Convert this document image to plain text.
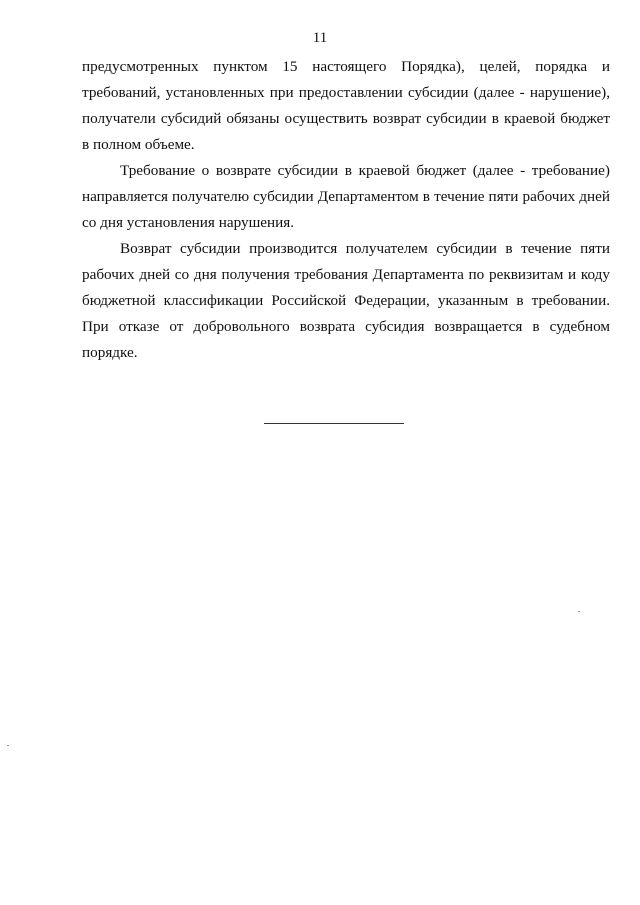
11

предусмотренных пунктом 15 настоящего Порядка), целей, порядка и требований, установленных при предоставлении субсидии (далее - нарушение), получатели субсидий обязаны осуществить возврат субсидии в краевой бюджет в полном объеме.

Требование о возврате субсидии в краевой бюджет (далее - требование) направляется получателю субсидии Департаментом в течение пяти рабочих дней со дня установления нарушения.

Возврат субсидии производится получателем субсидии в течение пяти рабочих дней со дня получения требования Департамента по реквизитам и коду бюджетной классификации Российской Федерации, указанным в требовании. При отказе от добровольного возврата субсидия возвращается в судебном порядке.
